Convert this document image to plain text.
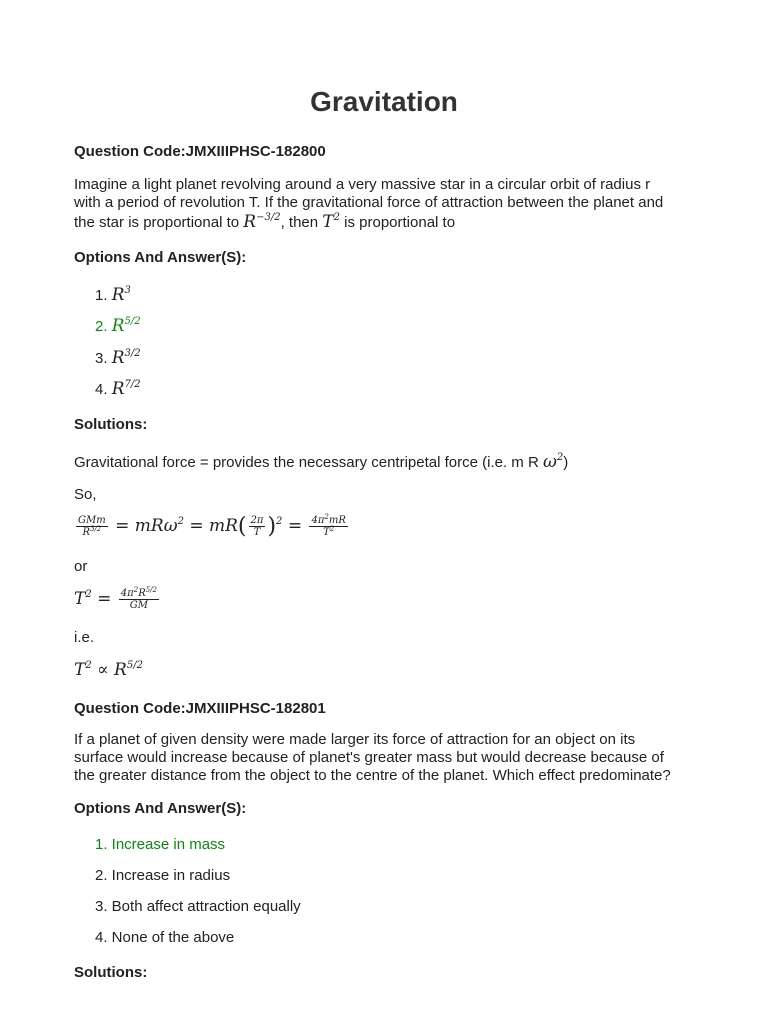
Gravitation
Question Code:JMXIIIPHSC-182800
Imagine a light planet revolving around a very massive star in a circular orbit of radius r
with a period of revolution T. If the gravitational force of attraction between the planet and
the star is proportional to $R^{-3/2}$, then $T^2$ is proportional to
Options And Answer(S):
1. $R^3$
2. $R^{5/2}$
3. $R^{3/2}$
4. $R^{7/2}$
Solutions:
Gravitational force = provides the necessary centripetal force (i.e. m R $\omega^2$)
So,
$\frac{\text{GMm}}{R^{3/2}} = mR\omega^2 = mR( \frac{2\pi}{T} )^2 = \frac{4\pi^2mR}{T^2}$
or
$T^2 = \frac{4\pi^2R^{5/2}}{GM}$
i.e.
$T^2 \propto R^{5/2}$
Question Code:JMXIIIPHSC-182801
If a planet of given density were made larger its force of attraction for an object on its
surface would increase because of planet's greater mass but would decrease because of
the greater distance from the object to the centre of the planet. Which effect predominate?
Options And Answer(S):
1. Increase in mass
2. Increase in radius
3. Both affect attraction equally
4. None of the above
Solutions:
